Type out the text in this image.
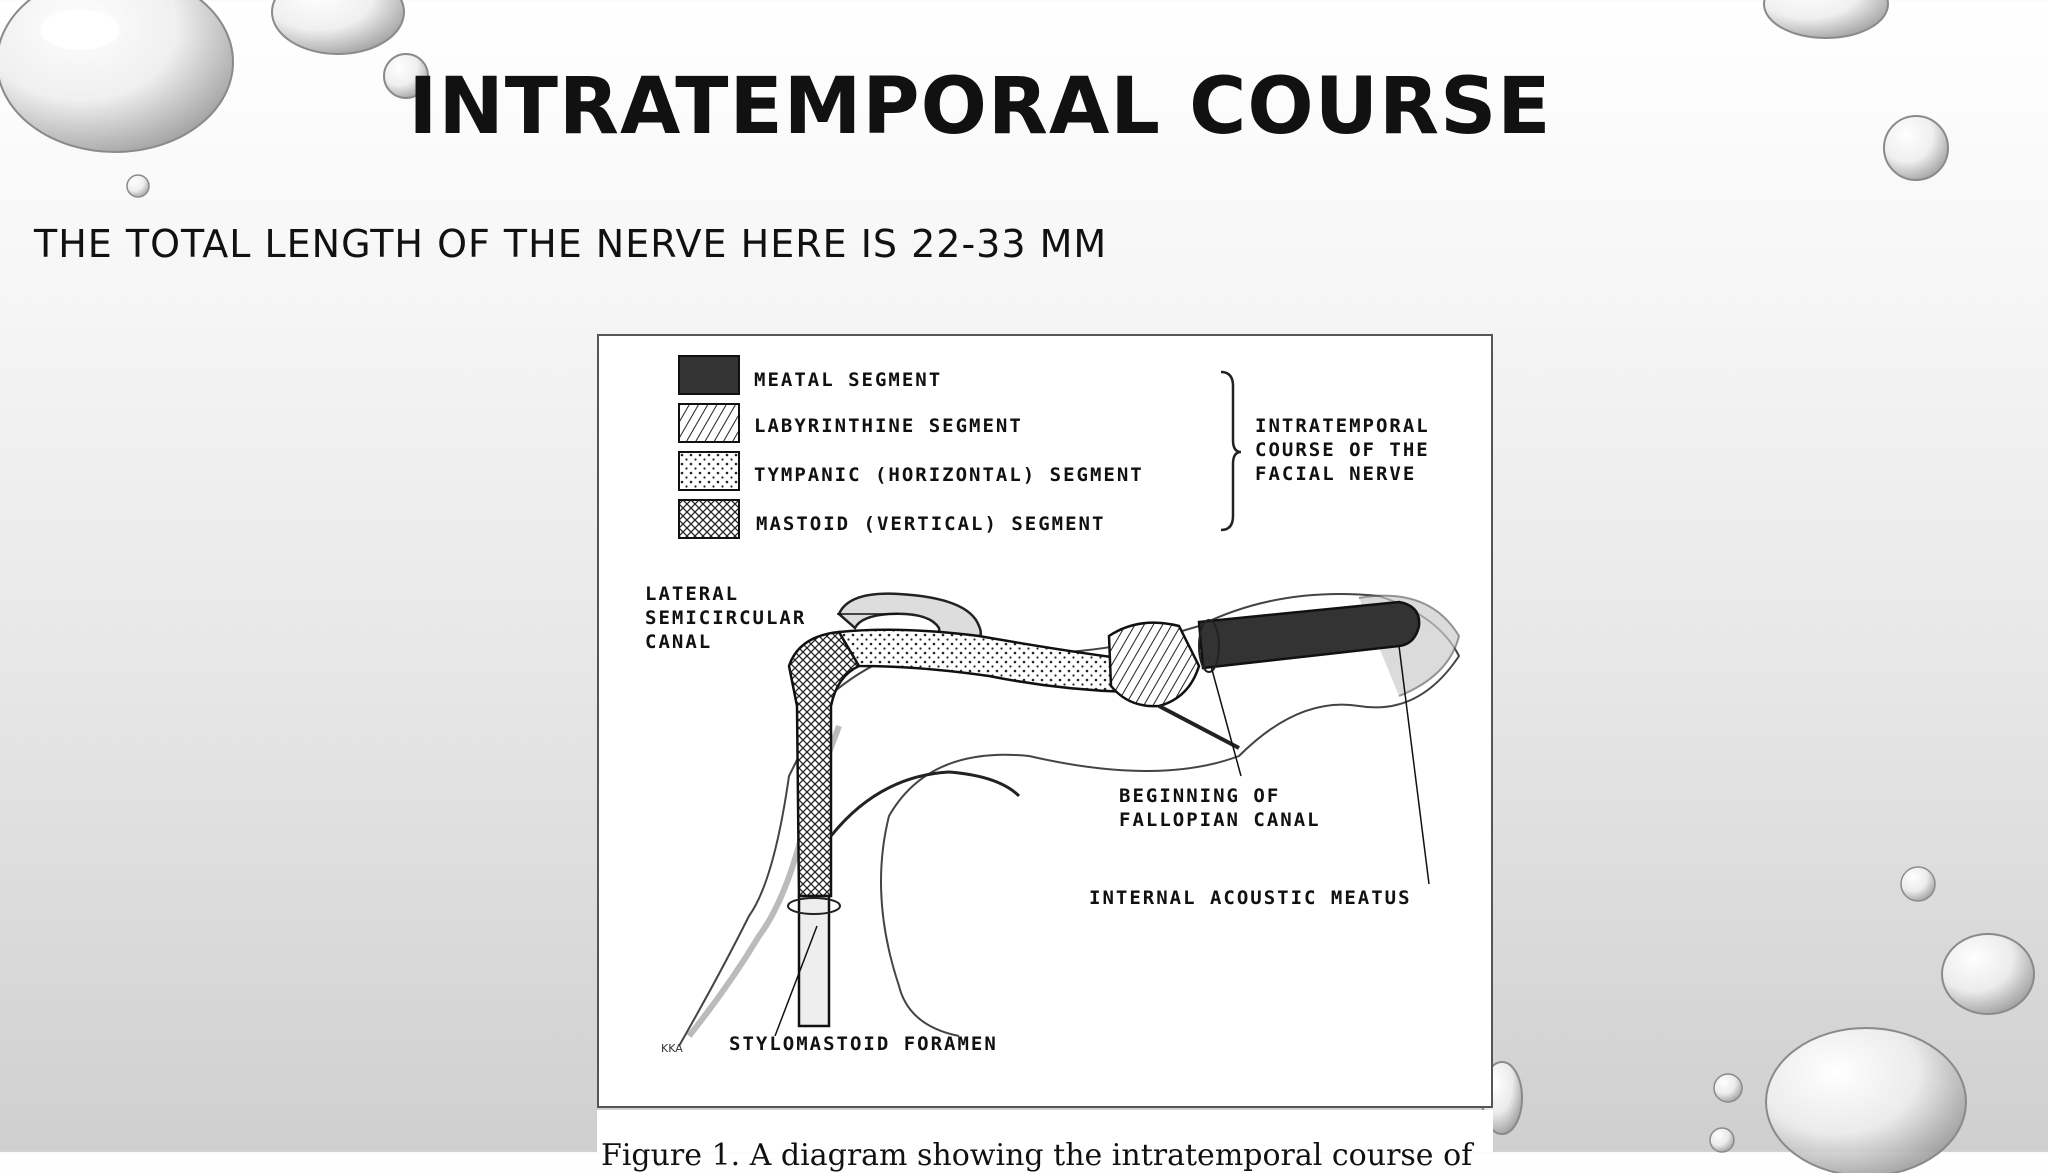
INTRATEMPORAL COURSE

THE TOTAL LENGTH OF THE NERVE HERE IS 22-33 MM

MEATAL SEGMENT
LABYRINTHINE SEGMENT
TYMPANIC (HORIZONTAL) SEGMENT
MASTOID (VERTICAL) SEGMENT
INTRATEMPORAL
COURSE OF THE
FACIAL NERVE
LATERAL
SEMICIRCULAR
CANAL
BEGINNING OF
FALLOPIAN CANAL
INTERNAL ACOUSTIC MEATUS
STYLOMASTOID FORAMEN
KKA

Figure 1. A diagram showing the intratemporal course of
